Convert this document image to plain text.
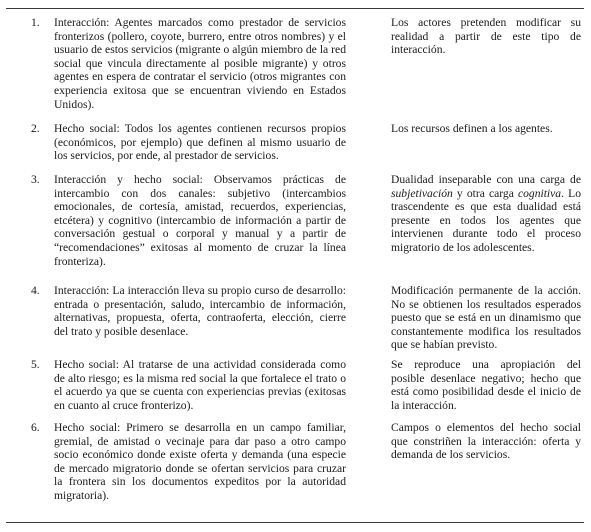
1.	Interacción: Agentes marcados como prestador de servicios fronterizos (pollero, coyote, burrero, entre otros nombres) y el usuario de estos servicios (migrante o algún miembro de la red social que vincula directamente al posible migrante) y otros agentes en espera de contratar el servicio (otros migrantes con experiencia exitosa que se encuentran viviendo en Estados Unidos).
Los actores pretenden modificar su realidad a partir de este tipo de interacción.
2.	Hecho social: Todos los agentes contienen recursos propios (económicos, por ejemplo) que definen al mismo usuario de los servicios, por ende, al prestador de servicios.
Los recursos definen a los agentes.
3.	Interacción y hecho social: Observamos prácticas de intercambio con dos canales: subjetivo (intercambios emocionales, de cortesía, amistad, recuerdos, experiencias, etcétera) y cognitivo (intercambio de información a partir de conversación gestual o corporal y manual y a partir de “recomendaciones” exitosas al momento de cruzar la línea fronteriza).
Dualidad inseparable con una carga de subjetivación y otra carga cognitiva. Lo trascendente es que esta dualidad está presente en todos los agentes que intervienen durante todo el proceso migratorio de los adolescentes.
4.	Interacción: La interacción lleva su propio curso de desarrollo: entrada o presentación, saludo, intercambio de información, alternativas, propuesta, oferta, contraoferta, elección, cierre del trato y posible desenlace.
Modificación permanente de la acción. No se obtienen los resultados esperados puesto que se está en un dinamismo que constantemente modifica los resultados que se habían previsto.
5.	Hecho social: Al tratarse de una actividad considerada como de alto riesgo; es la misma red social la que fortalece el trato o el acuerdo ya que se cuenta con experiencias previas (exitosas en cuanto al cruce fronterizo).
Se reproduce una apropiación del posible desenlace negativo; hecho que está como posibilidad desde el inicio de la interacción.
6.	Hecho social: Primero se desarrolla en un campo familiar, gremial, de amistad o vecinaje para dar paso a otro campo socio económico donde existe oferta y demanda (una especie de mercado migratorio donde se ofertan servicios para cruzar la frontera sin los documentos expeditos por la autoridad migratoria).
Campos o elementos del hecho social que constriñen la interacción: oferta y demanda de los servicios.
